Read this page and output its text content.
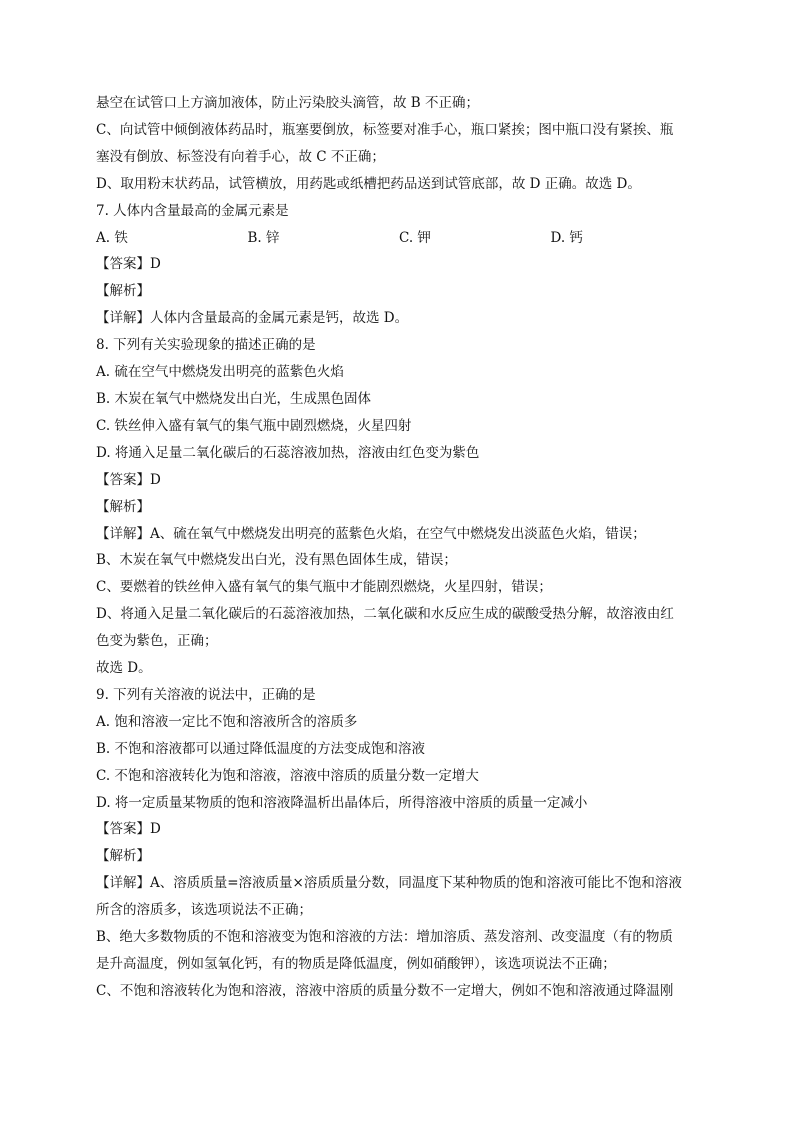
悬空在试管口上方滴加液体，防止污染胶头滴管，故 B 不正确；
C、向试管中倾倒液体药品时，瓶塞要倒放，标签要对准手心，瓶口紧挨；图中瓶口没有紧挨、瓶
塞没有倒放、标签没有向着手心，故 C 不正确；
D、取用粉末状药品，试管横放，用药匙或纸槽把药品送到试管底部，故 D 正确。故选 D。
7. 人体内含量最高的金属元素是
A. 铁	B. 锌	C. 钾	D. 钙
【答案】D
【解析】
【详解】人体内含量最高的金属元素是钙，故选 D。
8. 下列有关实验现象的描述正确的是
A. 硫在空气中燃烧发出明亮的蓝紫色火焰
B. 木炭在氧气中燃烧发出白光，生成黑色固体
C. 铁丝伸入盛有氧气的集气瓶中剧烈燃烧，火星四射
D. 将通入足量二氧化碳后的石蕊溶液加热，溶液由红色变为紫色
【答案】D
【解析】
【详解】A、硫在氧气中燃烧发出明亮的蓝紫色火焰，在空气中燃烧发出淡蓝色火焰，错误；
B、木炭在氧气中燃烧发出白光，没有黑色固体生成，错误；
C、要燃着的铁丝伸入盛有氧气的集气瓶中才能剧烈燃烧，火星四射，错误；
D、将通入足量二氧化碳后的石蕊溶液加热，二氧化碳和水反应生成的碳酸受热分解，故溶液由红
色变为紫色，正确；
故选 D。
9. 下列有关溶液的说法中，正确的是
A. 饱和溶液一定比不饱和溶液所含的溶质多
B. 不饱和溶液都可以通过降低温度的方法变成饱和溶液
C. 不饱和溶液转化为饱和溶液，溶液中溶质的质量分数一定增大
D. 将一定质量某物质的饱和溶液降温析出晶体后，所得溶液中溶质的质量一定减小
【答案】D
【解析】
【详解】A、溶质质量=溶液质量×溶质质量分数，同温度下某种物质的饱和溶液可能比不饱和溶液
所含的溶质多，该选项说法不正确；
B、绝大多数物质的不饱和溶液变为饱和溶液的方法：增加溶质、蒸发溶剂、改变温度（有的物质
是升高温度，例如氢氧化钙，有的物质是降低温度，例如硝酸钾），该选项说法不正确；
C、不饱和溶液转化为饱和溶液，溶液中溶质的质量分数不一定增大，例如不饱和溶液通过降温刚
